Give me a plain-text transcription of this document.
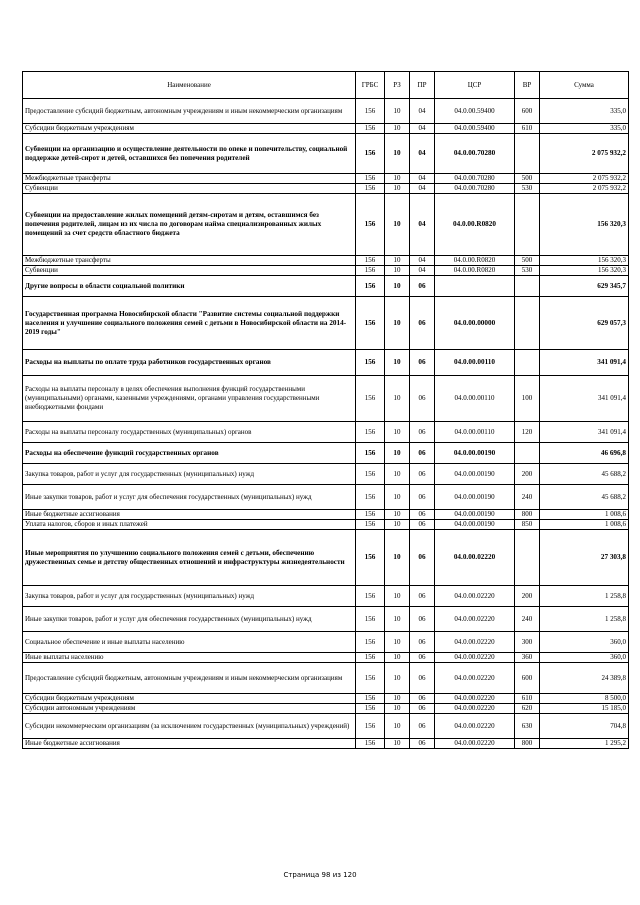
Наименование	ГРБС	РЗ	ПР	ЦСР	ВР	Сумма
Предоставление субсидий бюджетным, автономным учреждениям и иным некоммерческим организациям	156	10	04	04.0.00.59400	600	335,0
Субсидии бюджетным учреждениям	156	10	04	04.0.00.59400	610	335,0
Субвенции на организацию и осуществление деятельности по опеке и попечительству, социальной поддержке детей-сирот и детей, оставшихся без попечения родителей	156	10	04	04.0.00.70280		2 075 932,2
Межбюджетные трансферты	156	10	04	04.0.00.70280	500	2 075 932,2
Субвенции	156	10	04	04.0.00.70280	530	2 075 932,2
Субвенции на предоставление жилых помещений детям-сиротам и детям, оставшимся без попечения родителей, лицам из их числа по договорам найма специализированных жилых помещений за счет средств областного бюджета	156	10	04	04.0.00.R0820		156 320,3
Межбюджетные трансферты	156	10	04	04.0.00.R0820	500	156 320,3
Субвенции	156	10	04	04.0.00.R0820	530	156 320,3
Другие вопросы в области социальной политики	156	10	06			629 345,7
Государственная программа Новосибирской области "Развитие системы социальной поддержки населения и улучшение социального положения семей с детьми в Новосибирской области на 2014-2019 годы"	156	10	06	04.0.00.00000		629 057,3
Расходы на выплаты по оплате труда работников государственных органов	156	10	06	04.0.00.00110		341 091,4
Расходы на выплаты персоналу в целях обеспечения выполнения функций государственными (муниципальными) органами, казенными учреждениями, органами управления государственными внебюджетными фондами	156	10	06	04.0.00.00110	100	341 091,4
Расходы на выплаты персоналу государственных (муниципальных) органов	156	10	06	04.0.00.00110	120	341 091,4
Расходы на обеспечение функций государственных органов	156	10	06	04.0.00.00190		46 696,8
Закупка товаров, работ и услуг для государственных (муниципальных) нужд	156	10	06	04.0.00.00190	200	45 688,2
Иные закупки товаров, работ и услуг для обеспечения государственных (муниципальных) нужд	156	10	06	04.0.00.00190	240	45 688,2
Иные бюджетные ассигнования	156	10	06	04.0.00.00190	800	1 008,6
Уплата налогов, сборов и иных платежей	156	10	06	04.0.00.00190	850	1 008,6
Иные мероприятия по улучшению социального положения семей с детьми, обеспечению дружественных семье и детству общественных отношений и инфраструктуры жизнедеятельности	156	10	06	04.0.00.02220		27 303,8
Закупка товаров, работ и услуг для государственных (муниципальных) нужд	156	10	06	04.0.00.02220	200	1 258,8
Иные закупки товаров, работ и услуг для обеспечения государственных (муниципальных) нужд	156	10	06	04.0.00.02220	240	1 258,8
Социальное обеспечение и иные выплаты населению	156	10	06	04.0.00.02220	300	360,0
Иные выплаты населению	156	10	06	04.0.00.02220	360	360,0
Предоставление субсидий бюджетным, автономным учреждениям и иным некоммерческим организациям	156	10	06	04.0.00.02220	600	24 389,8
Субсидии бюджетным учреждениям	156	10	06	04.0.00.02220	610	8 500,0
Субсидии автономным учреждениям	156	10	06	04.0.00.02220	620	15 185,0
Субсидии некоммерческим организациям (за исключением государственных (муниципальных) учреждений)	156	10	06	04.0.00.02220	630	704,8
Иные бюджетные ассигнования	156	10	06	04.0.00.02220	800	1 295,2
Страница 98 из 120
